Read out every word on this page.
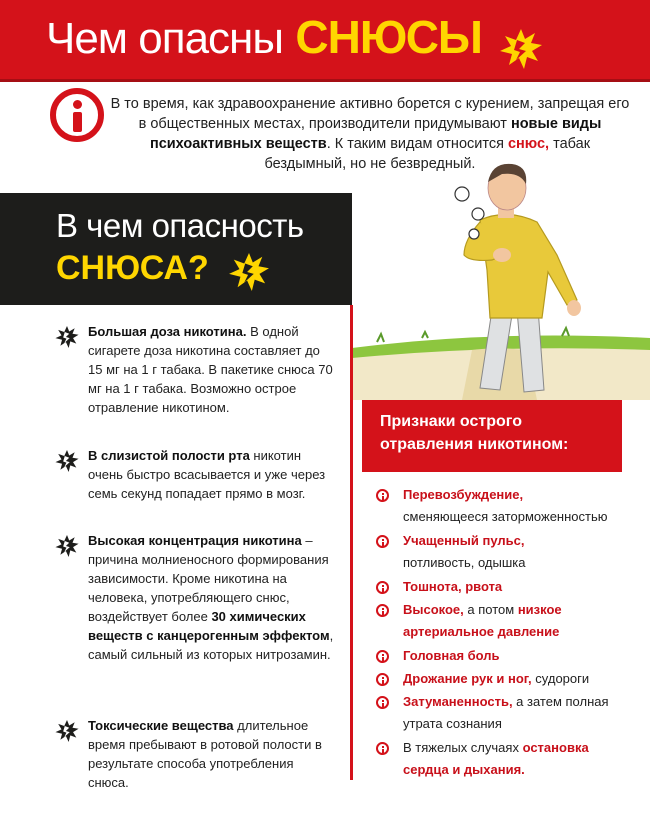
Чем опасны СНЮСЫ
В то время, как здравоохранение активно борется с курением, запрещая его в общественных местах, производители придумывают новые виды психоактивных веществ. К таким видам относится снюс, табак бездымный, но не безвредный.
В чем опасность
СНЮСА?
Большая доза никотина. В одной сигарете доза никотина составляет до 15 мг на 1 г табака. В пакетике снюса 70 мг на 1 г табака. Возможно острое отравление никотином.
В слизистой полости рта никотин очень быстро всасывается и уже через семь секунд попадает прямо в мозг.
Высокая концентрация никотина – причина молниеносного формирования зависимости. Кроме никотина на человека, употребляющего снюс, воздействует более 30 химических веществ с канцерогенным эффектом, самый сильный из которых нитрозамин.
Токсические вещества длительное время пребывают в ротовой полости в результате способа употребления снюса.
Признаки острого отравления никотином:
Перевозбуждение,
сменяющееся заторможенностью
Учащенный пульс,
потливость, одышка
Тошнота, рвота
Высокое, а потом низкое артериальное давление
Головная боль
Дрожание рук и ног, судороги
Затуманенность, а затем полная утрата сознания
В тяжелых случаях остановка сердца и дыхания.
